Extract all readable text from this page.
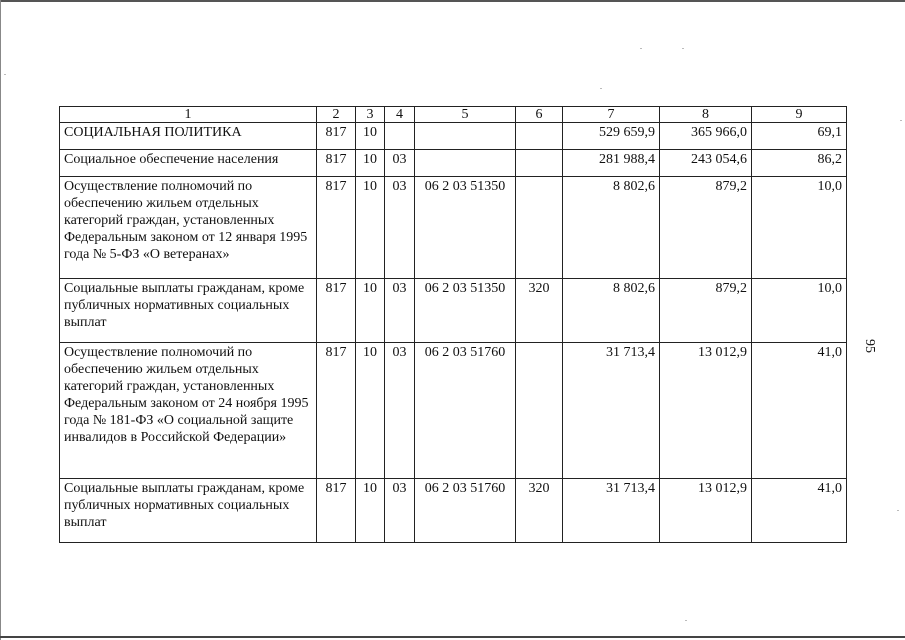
1	2	3	4	5	6	7	8	9
СОЦИАЛЬНАЯ ПОЛИТИКА	817	10				529 659,9	365 966,0	69,1
Социальное обеспечение населения	817	10	03			281 988,4	243 054,6	86,2
Осуществление полномочий по обеспечению жильем отдельных категорий граждан, установленных Федеральным законом от 12 января 1995 года № 5-ФЗ «О ветеранах»	817	10	03	06 2 03 51350		8 802,6	879,2	10,0
Социальные выплаты гражданам, кроме публичных нормативных социальных выплат	817	10	03	06 2 03 51350	320	8 802,6	879,2	10,0
Осуществление полномочий по обеспечению жильем отдельных категорий граждан, установленных Федеральным законом от 24 ноября 1995 года № 181-ФЗ «О социальной защите инвалидов в Российской Федерации»	817	10	03	06 2 03 51760		31 713,4	13 012,9	41,0
Социальные выплаты гражданам, кроме публичных нормативных социальных выплат	817	10	03	06 2 03 51760	320	31 713,4	13 012,9	41,0
95
